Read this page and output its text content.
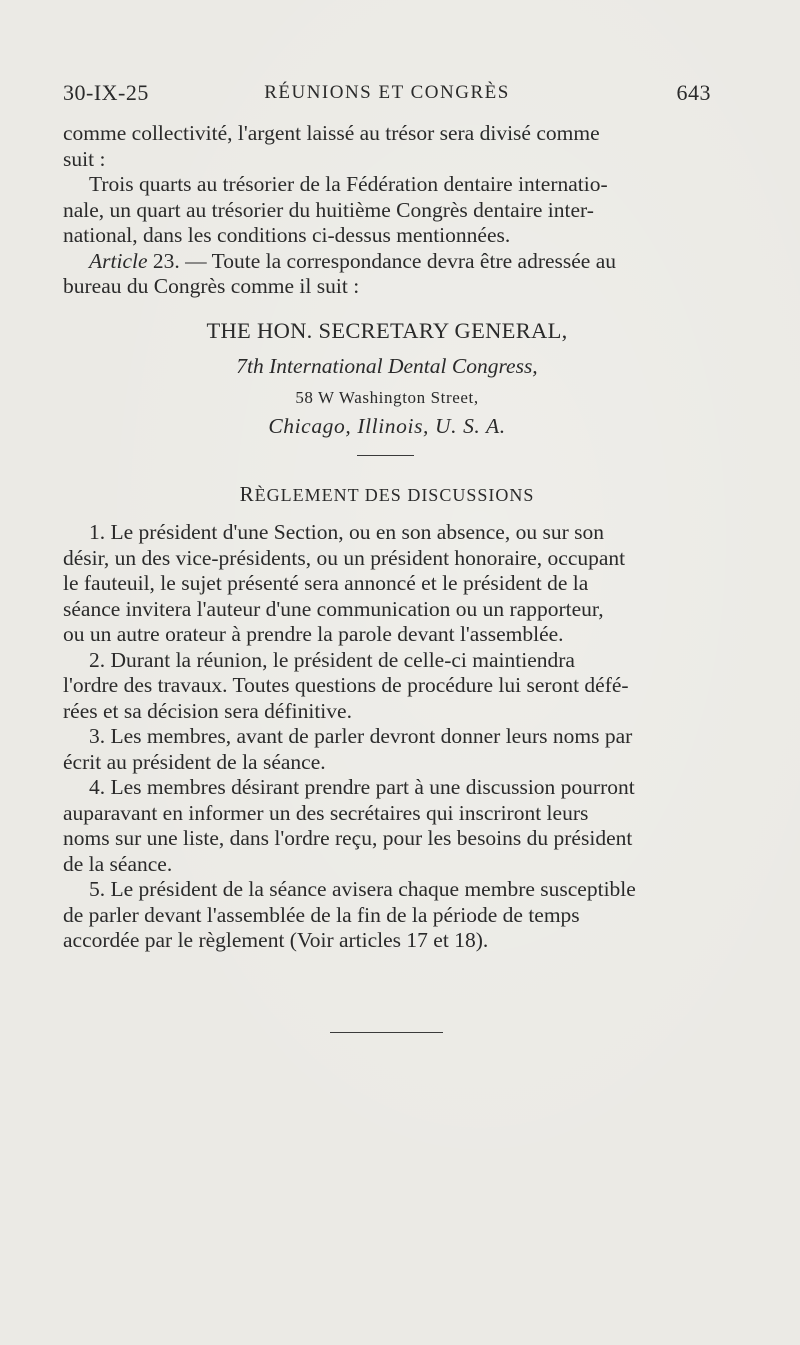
30-IX-25	RÉUNIONS ET CONGRÈS	643
comme collectivité, l'argent laissé au trésor sera divisé comme
suit :
Trois quarts au trésorier de la Fédération dentaire internatio-
nale, un quart au trésorier du huitième Congrès dentaire inter-
national, dans les conditions ci-dessus mentionnées.
Article 23. — Toute la correspondance devra être adressée au
bureau du Congrès comme il suit :
THE HON. SECRETARY GENERAL,
7th International Dental Congress,
58 W Washington Street,
Chicago, Illinois, U. S. A.
RÈGLEMENT DES DISCUSSIONS
1. Le président d'une Section, ou en son absence, ou sur son
désir, un des vice-présidents, ou un président honoraire, occupant
le fauteuil, le sujet présenté sera annoncé et le président de la
séance invitera l'auteur d'une communication ou un rapporteur,
ou un autre orateur à prendre la parole devant l'assemblée.
2. Durant la réunion, le président de celle-ci maintiendra
l'ordre des travaux. Toutes questions de procédure lui seront défé-
rées et sa décision sera définitive.
3. Les membres, avant de parler devront donner leurs noms par
écrit au président de la séance.
4. Les membres désirant prendre part à une discussion pourront
auparavant en informer un des secrétaires qui inscriront leurs
noms sur une liste, dans l'ordre reçu, pour les besoins du président
de la séance.
5. Le président de la séance avisera chaque membre susceptible
de parler devant l'assemblée de la fin de la période de temps
accordée par le règlement (Voir articles 17 et 18).
